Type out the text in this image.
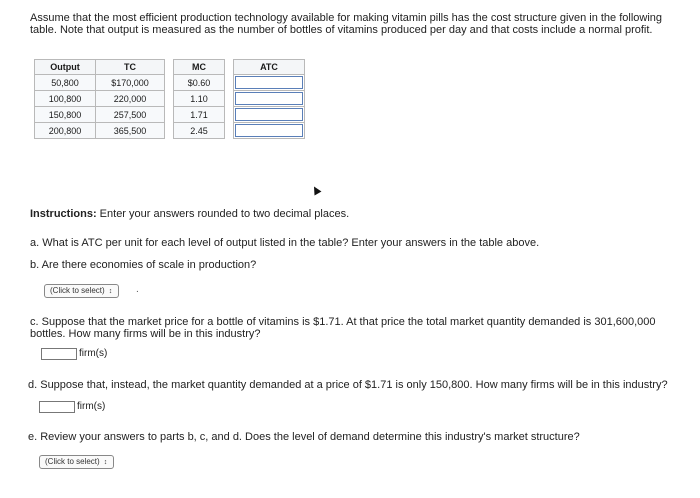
Assume that the most efficient production technology available for making vitamin pills has the cost structure given in the following table. Note that output is measured as the number of bottles of vitamins produced per day and that costs include a normal profit.
Output	TC		MC		ATC
50,800	$170,000		$0.60		

100,800	220,000		1.10		

150,800	257,500		1.71		

200,800	365,500		2.45		
Instructions: Enter your answers rounded to two decimal places.
a. What is ATC per unit for each level of output listed in the table? Enter your answers in the table above.
b. Are there economies of scale in production?
(Click to select) ↕	.
c. Suppose that the market price for a bottle of vitamins is $1.71. At that price the total market quantity demanded is 301,600,000 bottles. How many firms will be in this industry?
firm(s)
d. Suppose that, instead, the market quantity demanded at a price of $1.71 is only 150,800. How many firms will be in this industry?
firm(s)
e. Review your answers to parts b, c, and d. Does the level of demand determine this industry's market structure?
(Click to select) ↕
